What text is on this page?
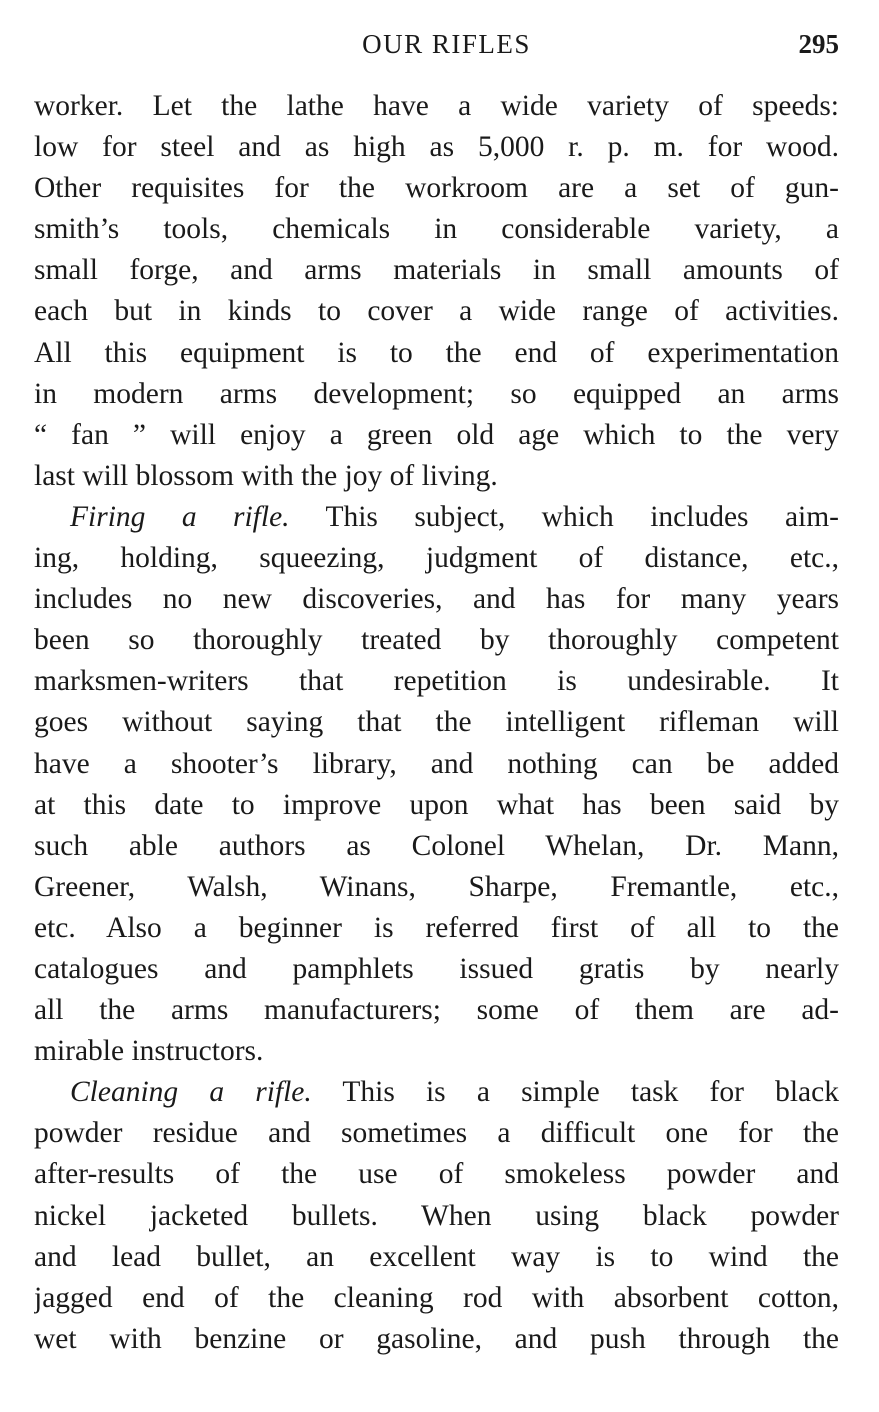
OUR RIFLES	295
worker. Let the lathe have a wide variety of speeds:
low for steel and as high as 5,000 r. p. m. for wood.
Other requisites for the workroom are a set of gun-
smith’s tools, chemicals in considerable variety, a
small forge, and arms materials in small amounts of
each but in kinds to cover a wide range of activities.
All this equipment is to the end of experimentation
in modern arms development; so equipped an arms
“ fan ” will enjoy a green old age which to the very
last will blossom with the joy of living.
Firing a rifle. This subject, which includes aim-
ing, holding, squeezing, judgment of distance, etc.,
includes no new discoveries, and has for many years
been so thoroughly treated by thoroughly competent
marksmen-writers that repetition is undesirable. It
goes without saying that the intelligent rifleman will
have a shooter’s library, and nothing can be added
at this date to improve upon what has been said by
such able authors as Colonel Whelan, Dr. Mann,
Greener, Walsh, Winans, Sharpe, Fremantle, etc.,
etc. Also a beginner is referred first of all to the
catalogues and pamphlets issued gratis by nearly
all the arms manufacturers; some of them are ad-
mirable instructors.
Cleaning a rifle. This is a simple task for black
powder residue and sometimes a difficult one for the
after-results of the use of smokeless powder and
nickel jacketed bullets. When using black powder
and lead bullet, an excellent way is to wind the
jagged end of the cleaning rod with absorbent cotton,
wet with benzine or gasoline, and push through the
